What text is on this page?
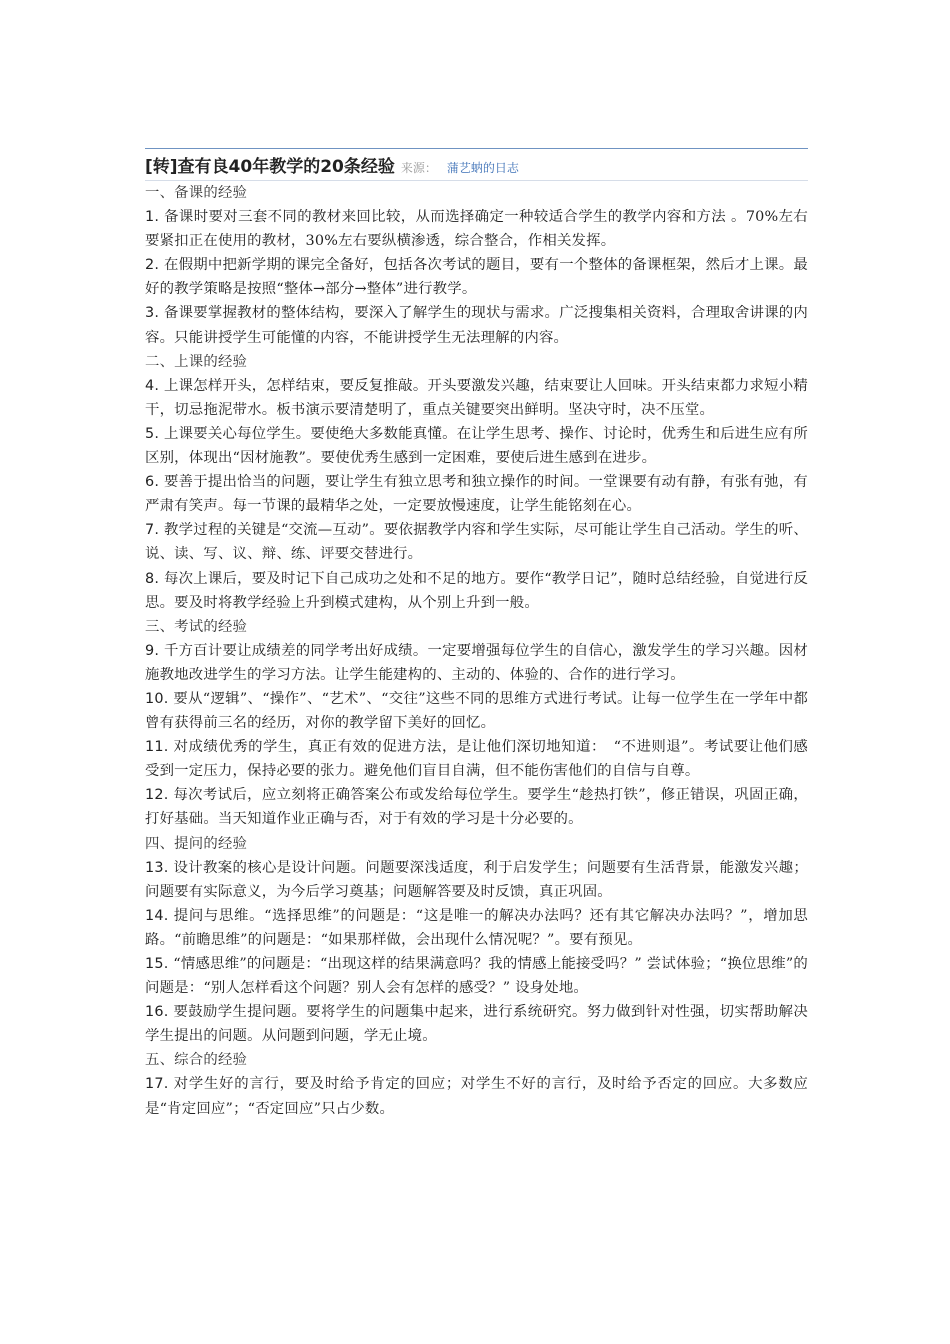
[转]查有良40年教学的20条经验 来源： 蒲艺蚋的日志

一、备课的经验

1. 备课时要对三套不同的教材来回比较，从而选择确定一种较适合学生的教学内容和方法 。70%左右要紧扣正在使用的教材，30%左右要纵横渗透，综合整合，作相关发挥。

2. 在假期中把新学期的课完全备好，包括各次考试的题目，要有一个整体的备课框架，然后才上课。最好的教学策略是按照“整体→部分→整体”进行教学。

3. 备课要掌握教材的整体结构，要深入了解学生的现状与需求。广泛搜集相关资料，合理取舍讲课的内容。只能讲授学生可能懂的内容，不能讲授学生无法理解的内容。

二、上课的经验

4. 上课怎样开头，怎样结束，要反复推敲。开头要激发兴趣，结束要让人回味。开头结束都力求短小精干，切忌拖泥带水。板书演示要清楚明了，重点关键要突出鲜明。坚决守时，决不压堂。

5. 上课要关心每位学生。要使绝大多数能真懂。在让学生思考、操作、讨论时，优秀生和后进生应有所区别，体现出“因材施教”。要使优秀生感到一定困难，要使后进生感到在进步。

6. 要善于提出恰当的问题，要让学生有独立思考和独立操作的时间。一堂课要有动有静，有张有弛，有严肃有笑声。每一节课的最精华之处，一定要放慢速度，让学生能铭刻在心。

7. 教学过程的关键是“交流—互动”。要依据教学内容和学生实际，尽可能让学生自己活动。学生的听、说、读、写、议、辩、练、评要交替进行。

8. 每次上课后，要及时记下自己成功之处和不足的地方。要作“教学日记”，随时总结经验，自觉进行反思。要及时将教学经验上升到模式建构，从个别上升到一般。

三、考试的经验

9. 千方百计要让成绩差的同学考出好成绩。一定要增强每位学生的自信心，激发学生的学习兴趣。因材施教地改进学生的学习方法。让学生能建构的、主动的、体验的、合作的进行学习。

10. 要从“逻辑”、“操作”、“艺术”、“交往”这些不同的思维方式进行考试。让每一位学生在一学年中都曾有获得前三名的经历，对你的教学留下美好的回忆。

11. 对成绩优秀的学生，真正有效的促进方法，是让他们深切地知道：　“不进则退”。考试要让他们感受到一定压力，保持必要的张力。避免他们盲目自满，但不能伤害他们的自信与自尊。

12. 每次考试后，应立刻将正确答案公布或发给每位学生。要学生“趁热打铁”，修正错误，巩固正确，打好基础。当天知道作业正确与否，对于有效的学习是十分必要的。

四、提问的经验

13. 设计教案的核心是设计问题。问题要深浅适度，利于启发学生；问题要有生活背景，能激发兴趣；问题要有实际意义，为今后学习奠基；问题解答要及时反馈，真正巩固。

14. 提问与思维。“选择思维”的问题是：“这是唯一的解决办法吗？还有其它解决办法吗？”，增加思路。“前瞻思维”的问题是：“如果那样做，会出现什么情况呢？”。要有预见。

15. “情感思维”的问题是：“出现这样的结果满意吗？我的情感上能接受吗？” 尝试体验；“换位思维”的问题是：“别人怎样看这个问题？别人会有怎样的感受？” 设身处地。

16. 要鼓励学生提问题。要将学生的问题集中起来，进行系统研究。努力做到针对性强，切实帮助解决学生提出的问题。从问题到问题，学无止境。

五、综合的经验

17. 对学生好的言行，要及时给予肯定的回应；对学生不好的言行，及时给予否定的回应。大多数应是“肯定回应”；“否定回应”只占少数。
